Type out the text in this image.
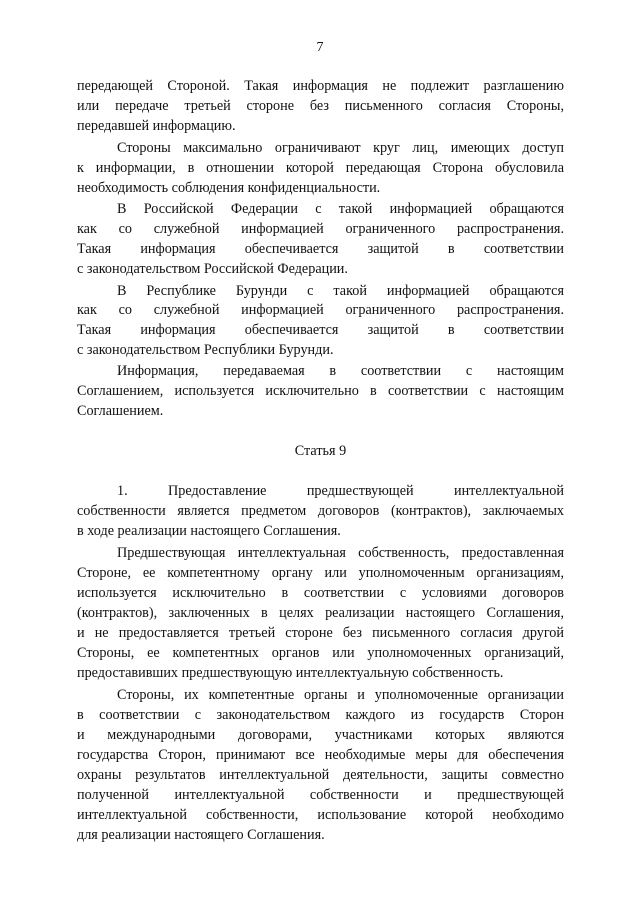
7
передающей Стороной. Такая информация не подлежит разглашению
или передаче третьей стороне без письменного согласия Стороны,
передавшей информацию.
Стороны максимально ограничивают круг лиц, имеющих доступ
к информации, в отношении которой передающая Сторона обусловила
необходимость соблюдения конфиденциальности.
В Российской Федерации с такой информацией обращаются
как со служебной информацией ограниченного распространения.
Такая информация обеспечивается защитой в соответствии
с законодательством Российской Федерации.
В Республике Бурунди с такой информацией обращаются
как со служебной информацией ограниченного распространения.
Такая информация обеспечивается защитой в соответствии
с законодательством Республики Бурунди.
Информация, передаваемая в соответствии с настоящим
Соглашением, используется исключительно в соответствии с настоящим
Соглашением.
Статья 9
1. Предоставление предшествующей интеллектуальной
собственности является предметом договоров (контрактов), заключаемых
в ходе реализации настоящего Соглашения.
Предшествующая интеллектуальная собственность, предоставленная
Стороне, ее компетентному органу или уполномоченным организациям,
используется исключительно в соответствии с условиями договоров
(контрактов), заключенных в целях реализации настоящего Соглашения,
и не предоставляется третьей стороне без письменного согласия другой
Стороны, ее компетентных органов или уполномоченных организаций,
предоставивших предшествующую интеллектуальную собственность.
Стороны, их компетентные органы и уполномоченные организации
в соответствии с законодательством каждого из государств Сторон
и международными договорами, участниками которых являются
государства Сторон, принимают все необходимые меры для обеспечения
охраны результатов интеллектуальной деятельности, защиты совместно
полученной интеллектуальной собственности и предшествующей
интеллектуальной собственности, использование которой необходимо
для реализации настоящего Соглашения.
